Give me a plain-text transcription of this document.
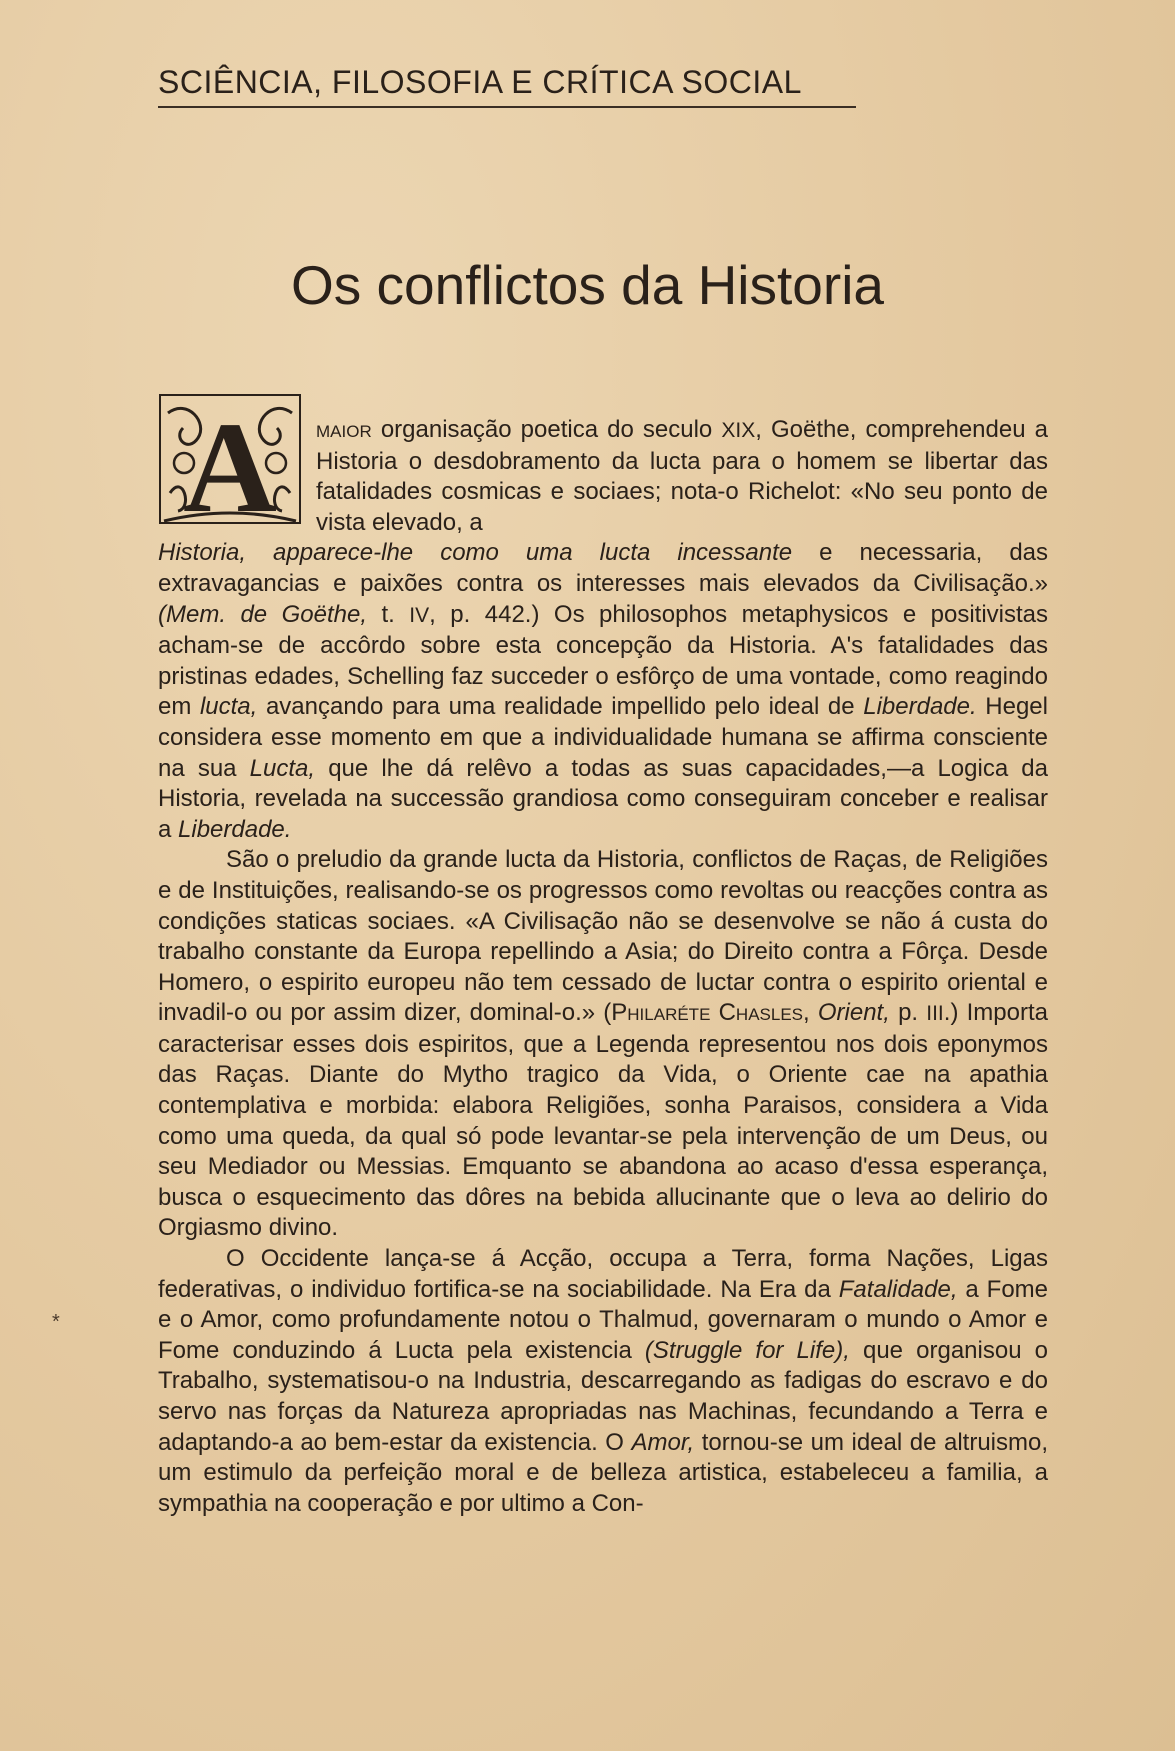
SCIÊNCIA, FILOSOFIA E CRÍTICA SOCIAL
Os conflictos da Historia
A	maior organisação poetica do seculo XIX, Goëthe, comprehendeu a Historia o desdobramento da lucta para o homem se libertar das fatalidades cosmicas e sociaes; nota-o Richelot: «No seu ponto de vista elevado, a
Historia, apparece-lhe como uma lucta incessante e necessaria, das extravagancias e paixões contra os interesses mais elevados da Civilisação.» (Mem. de Goëthe, t. IV, p. 442.) Os philosophos metaphysicos e positivistas acham-se de accôrdo sobre esta concepção da Historia. A's fatalidades das pristinas edades, Schelling faz succeder o esfôrço de uma vontade, como reagindo em lucta, avançando para uma realidade impellido pelo ideal de Liberdade. Hegel considera esse momento em que a individualidade humana se affirma consciente na sua Lucta, que lhe dá relêvo a todas as suas capacidades,—a Logica da Historia, revelada na successão grandiosa como conseguiram conceber e realisar a Liberdade.

São o preludio da grande lucta da Historia, conflictos de Raças, de Religiões e de Instituições, realisando-se os progressos como revoltas ou reacções contra as condições staticas sociaes. «A Civilisação não se desenvolve se não á custa do trabalho constante da Europa repellindo a Asia; do Direito contra a Fôrça. Desde Homero, o espirito europeu não tem cessado de luctar contra o espirito oriental e invadil-o ou por assim dizer, dominal-o.» (Philaréte Chasles, Orient, p. III.) Importa caracterisar esses dois espiritos, que a Legenda representou nos dois eponymos das Raças. Diante do Mytho tragico da Vida, o Oriente cae na apathia contemplativa e morbida: elabora Religiões, sonha Paraisos, considera a Vida como uma queda, da qual só pode levantar-se pela intervenção de um Deus, ou seu Mediador ou Messias. Emquanto se abandona ao acaso d'essa esperança, busca o esquecimento das dôres na bebida allucinante que o leva ao delirio do Orgiasmo divino.

O Occidente lança-se á Acção, occupa a Terra, forma Nações, Ligas federativas, o individuo fortifica-se na sociabilidade. Na Era da Fatalidade, a Fome e o Amor, como profundamente notou o Thalmud, governaram o mundo o Amor e Fome conduzindo á Lucta pela existencia (Struggle for Life), que organisou o Trabalho, systematisou-o na Industria, descarregando as fadigas do escravo e do servo nas forças da Natureza apropriadas nas Machinas, fecundando a Terra e adaptando-a ao bem-estar da existencia. O Amor, tornou-se um ideal de altruismo, um estimulo da perfeição moral e de belleza artistica, estabeleceu a familia, a sympathia na cooperação e por ultimo a Con-

*
